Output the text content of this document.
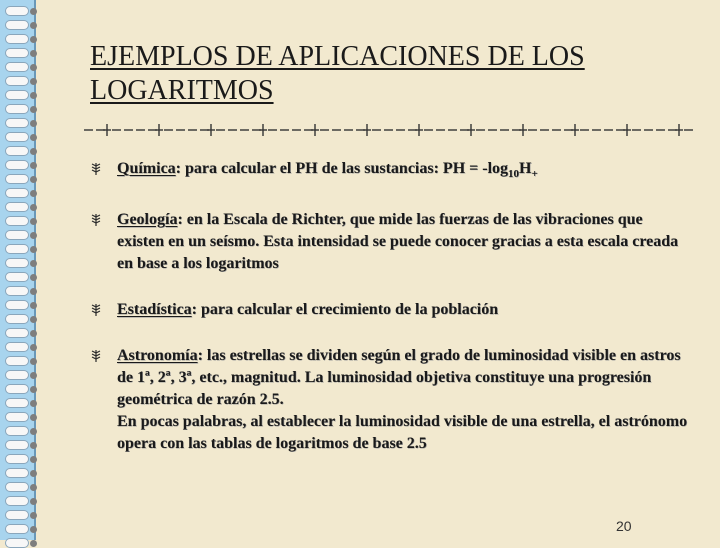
EJEMPLOS DE APLICACIONES DE LOS LOGARITMOS
Química: para calcular el PH de las sustancias: PH = $-\log_{10}H_+$
Geología: en la Escala de Richter, que mide las fuerzas de las vibraciones que existen en un seísmo. Esta intensidad se puede conocer gracias a esta escala creada en base a los logaritmos
Estadística: para calcular el crecimiento de la población
Astronomía: las estrellas se dividen según el grado de luminosidad visible en astros de 1ª, 2ª, 3ª, etc., magnitud. La luminosidad objetiva constituye una progresión geométrica de razón 2.5.
En pocas palabras, al establecer la luminosidad visible de una estrella, el astrónomo opera con las tablas de logaritmos de base 2.5
20
